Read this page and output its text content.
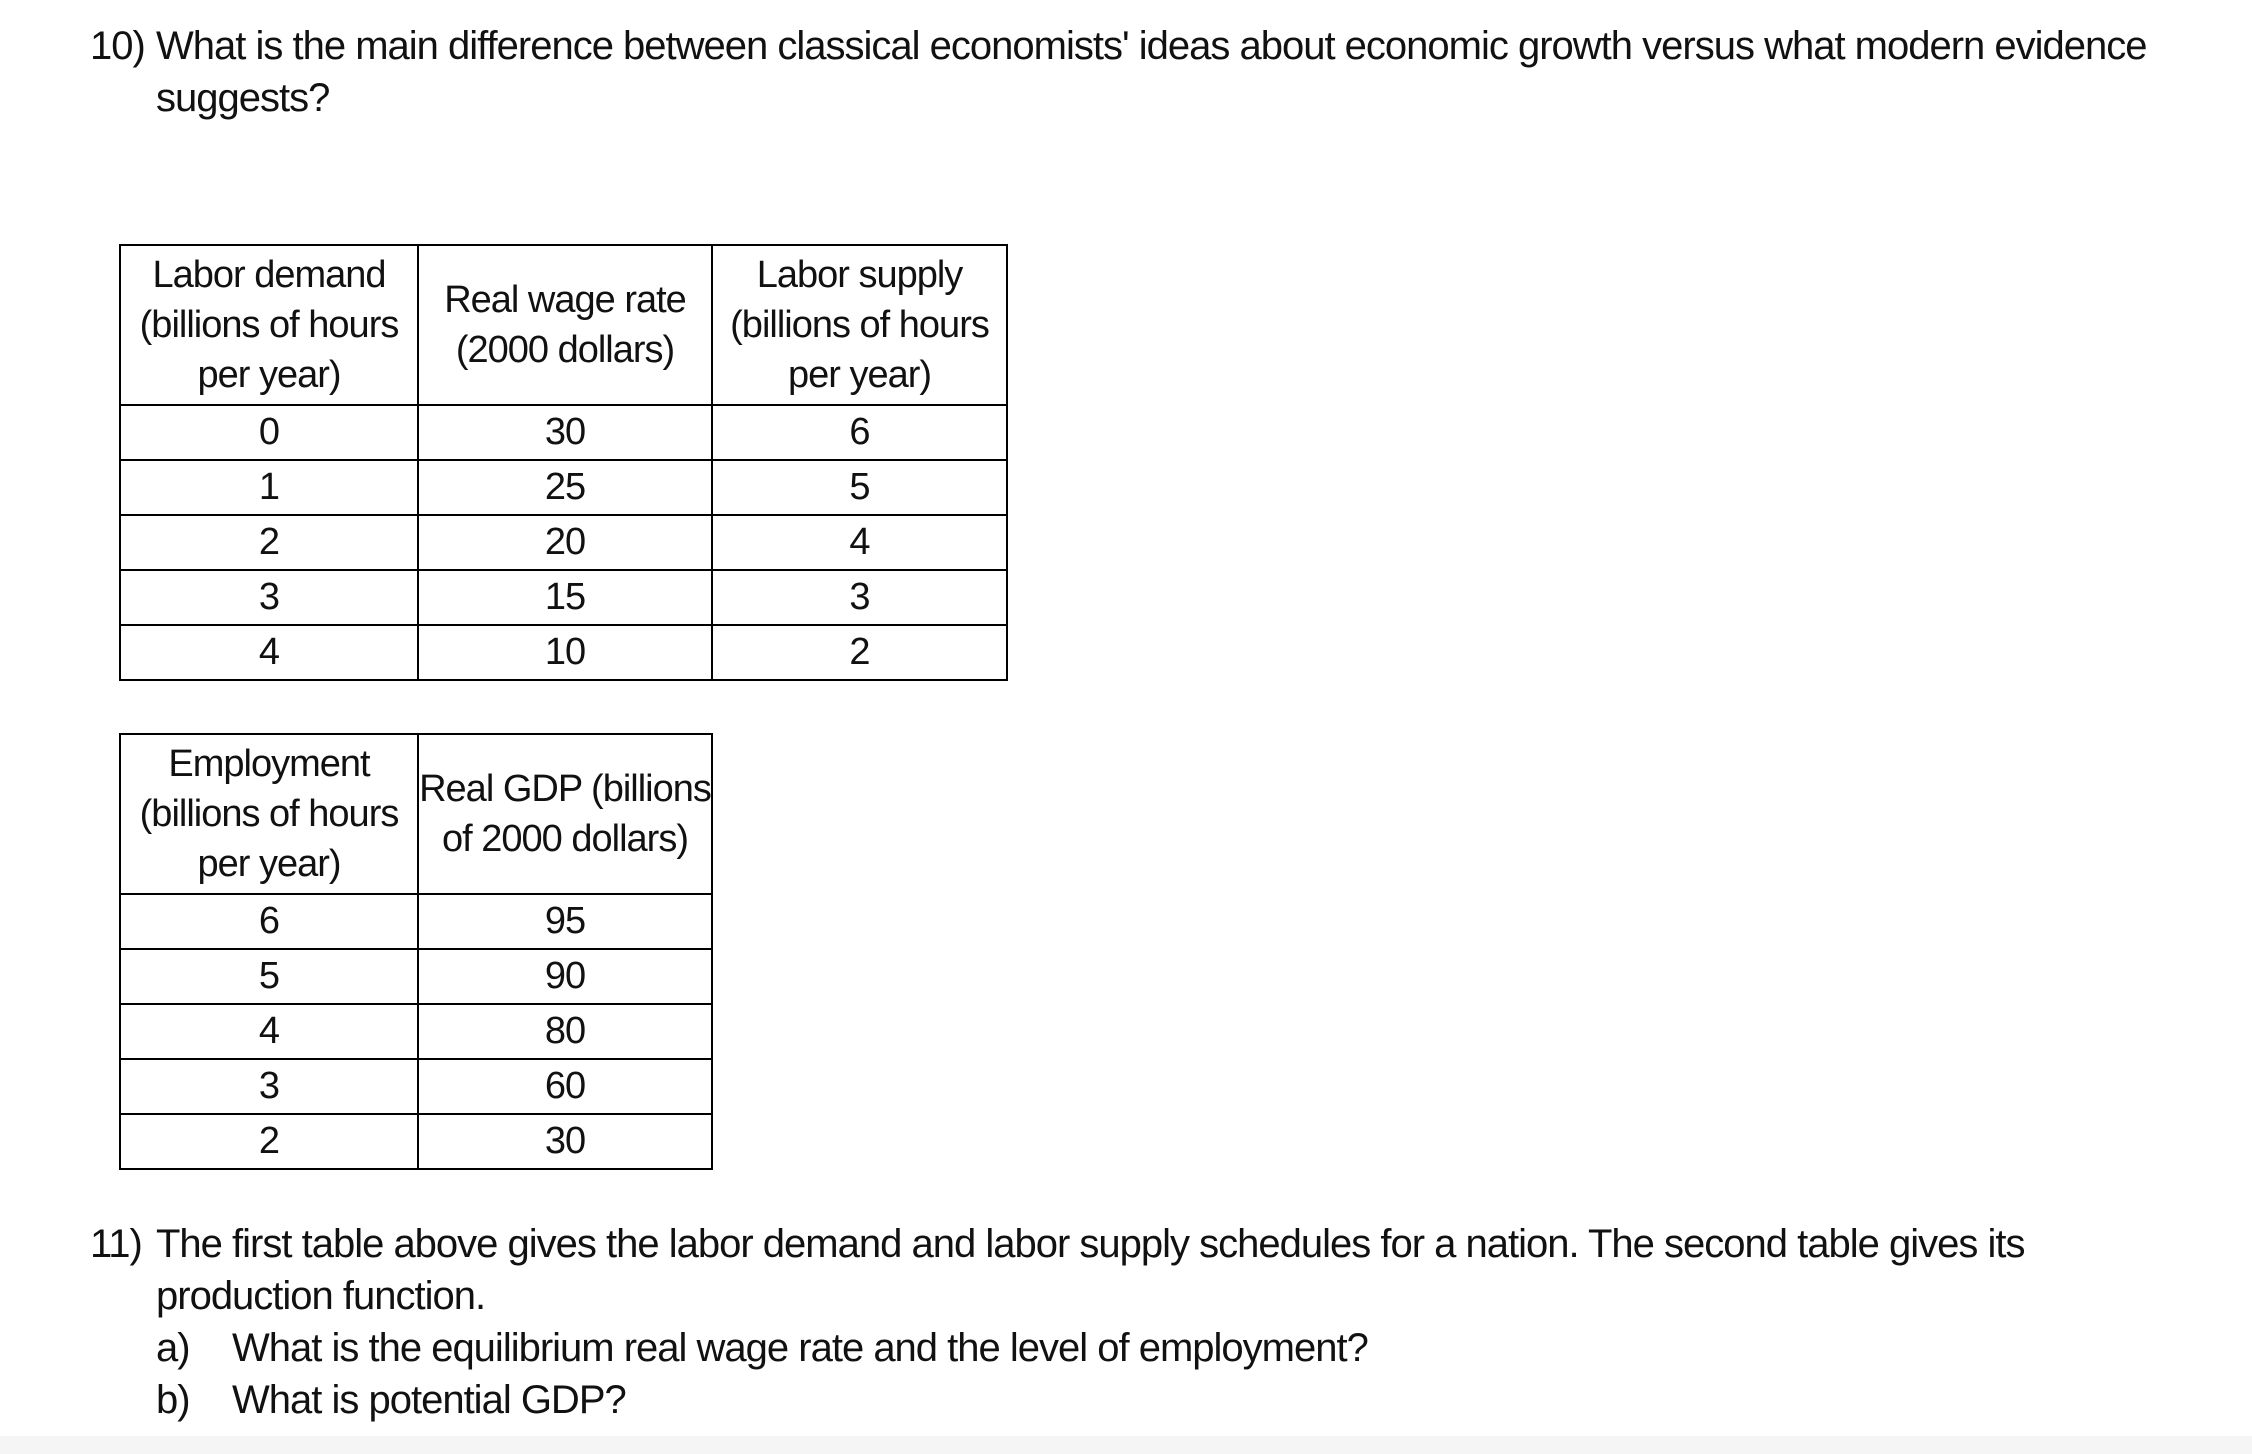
10) What is the main difference between classical economists' ideas about economic growth versus what modern evidence suggests?
Labor demand (billions of hours per year)	Real wage rate (2000 dollars)	Labor supply (billions of hours per year)
0	30	6
1	25	5
2	20	4
3	15	3
4	10	2
Employment (billions of hours per year)	Real GDP (billions of 2000 dollars)
6	95
5	90
4	80
3	60
2	30
11) The first table above gives the labor demand and labor supply schedules for a nation. The second table gives its production function.
a)	What is the equilibrium real wage rate and the level of employment?
b)	What is potential GDP?
